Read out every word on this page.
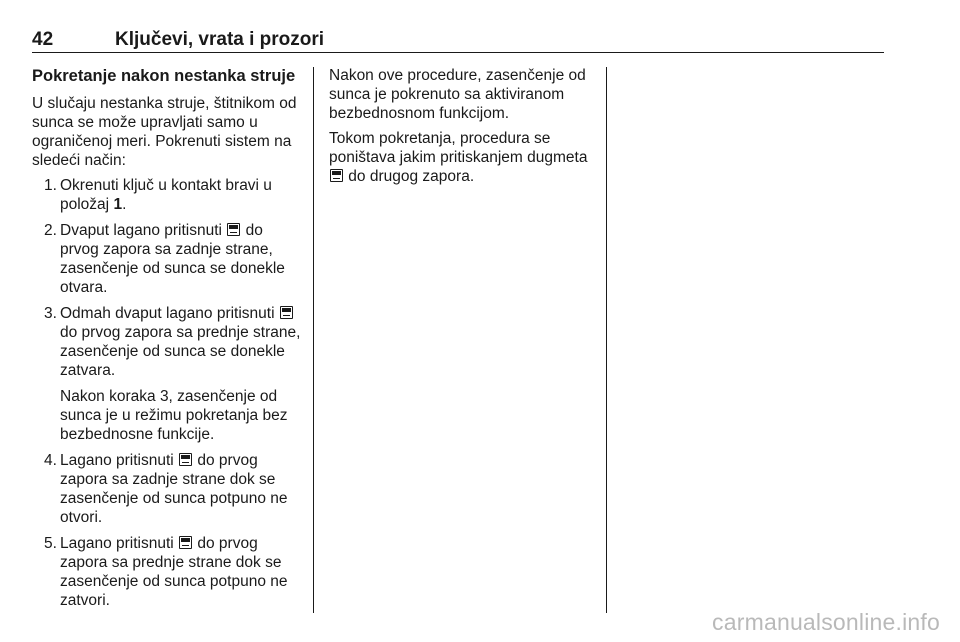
42	Ključevi, vrata i prozori
Pokretanje nakon nestanka struje

U slučaju nestanka struje, štitnikom od sunca se može upravljati samo u ograničenoj meri. Pokrenuti sistem na sledeći način:

1. Okrenuti ključ u kontakt bravi u položaj 1.
2. Dvaput lagano pritisnuti  do prvog zapora sa zadnje strane, zasenčenje od sunca se donekle otvara.
3. Odmah dvaput lagano pritisnuti  do prvog zapora sa prednje strane, zasenčenje od sunca se donekle zatvara.
Nakon koraka 3, zasenčenje od sunca je u režimu pokretanja bez bezbednosne funkcije.
4. Lagano pritisnuti  do prvog zapora sa zadnje strane dok se zasenčenje od sunca potpuno ne otvori.
5. Lagano pritisnuti  do prvog zapora sa prednje strane dok se zasenčenje od sunca potpuno ne zatvori.

Nakon ove procedure, zasenčenje od sunca je pokrenuto sa aktiviranom bezbednosnom funkcijom.

Tokom pokretanja, procedura se poništava jakim pritiskanjem dugmeta  do drugog zapora.

carmanualsonline.info
